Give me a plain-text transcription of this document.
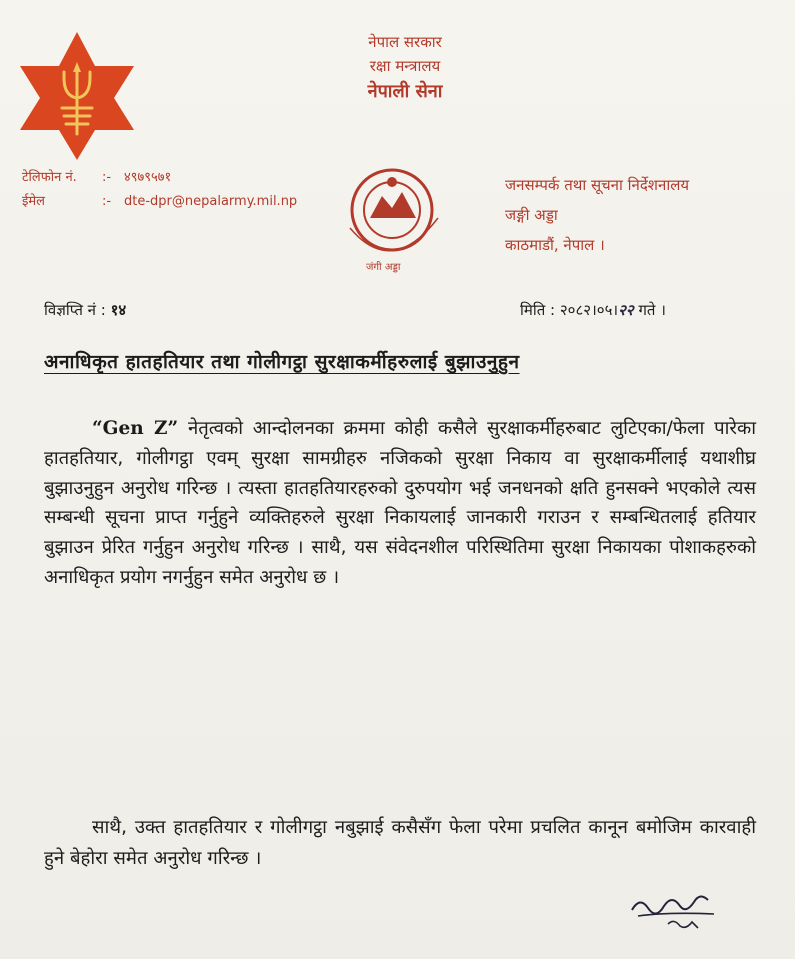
नेपाल सरकार
रक्षा मन्त्रालय
नेपाली सेना
टेलिफोन नं.	:- ४९७९५७१
ईमेल	:- dte-dpr@nepalarmy.mil.np
जंगी अड्डा
जनसम्पर्क तथा सूचना निर्देशनालय
जङ्गी अड्डा
काठमाडौं, नेपाल ।
विज्ञप्ति नं : १४	मिति : २०८२।०५।२२ गते ।
अनाधिकृत हातहतियार तथा गोलीगट्ठा सुरक्षाकर्मीहरुलाई बुझाउनुहुन
“Gen Z” नेतृत्वको आन्दोलनका क्रममा कोही कसैले सुरक्षाकर्मीहरुबाट लुटिएका/फेला पारेका हातहतियार, गोलीगट्ठा एवम् सुरक्षा सामग्रीहरु नजिकको सुरक्षा निकाय वा सुरक्षाकर्मीलाई यथाशीघ्र बुझाउनुहुन अनुरोध गरिन्छ । त्यस्ता हातहतियारहरुको दुरुपयोग भई जनधनको क्षति हुनसक्ने भएकोले त्यस सम्बन्धी सूचना प्राप्त गर्नुहुने व्यक्तिहरुले सुरक्षा निकायलाई जानकारी गराउन र सम्बन्धितलाई हतियार बुझाउन प्रेरित गर्नुहुन अनुरोध गरिन्छ । साथै, यस संवेदनशील परिस्थितिमा सुरक्षा निकायका पोशाकहरुको अनाधिकृत प्रयोग नगर्नुहुन समेत अनुरोध छ ।
साथै, उक्त हातहतियार र गोलीगट्ठा नबुझाई कसैसँग फेला परेमा प्रचलित कानून बमोजिम कारवाही हुने बेहोरा समेत अनुरोध गरिन्छ ।
